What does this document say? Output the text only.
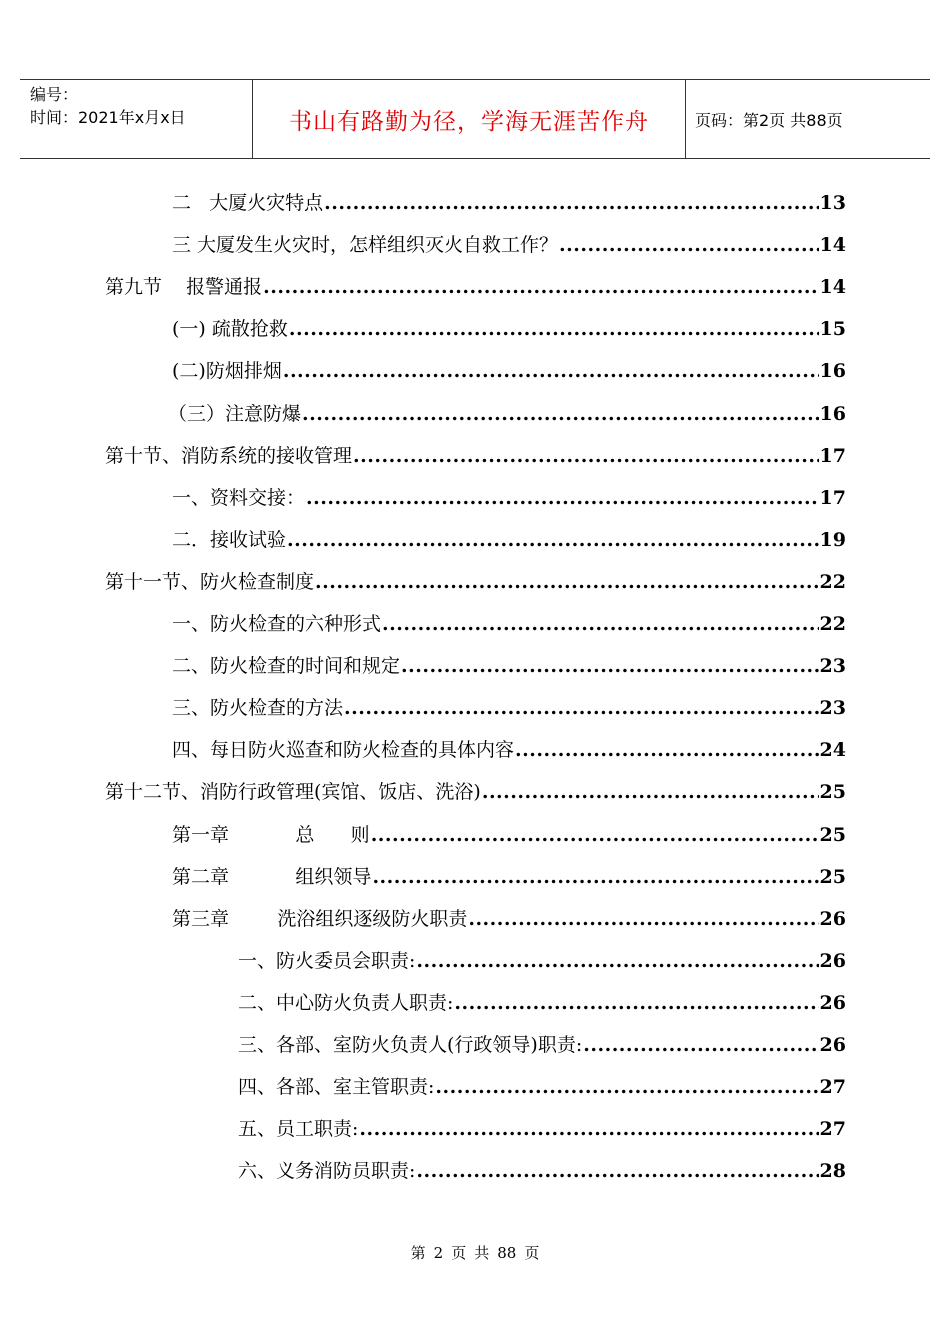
编号：
时间：2021年x月x日	书山有路勤为径，学海无涯苦作舟	页码：第2页 共88页
二   大厦火灾特点 .....	13
三 大厦发生火灾时，怎样组织灭火自救工作？ .....	14
第九节    报警通报 .....	14
(一) 疏散抢救 .....	15
(二)防烟排烟 .....	16
（三）注意防爆 .....	16
第十节、消防系统的接收管理 .....	17
一、资料交接： .....	17
二．接收试验 .....	19
第十一节、防火检查制度 .....	22
一、防火检查的六种形式 .....	22
二、防火检查的时间和规定 .....	23
三、防火检查的方法 .....	23
四、每日防火巡查和防火检查的具体内容 .....	24
第十二节、消防行政管理(宾馆、饭店、洗浴) .....	25
第一章           总      则 .....	25
第二章           组织领导 .....	25
第三章        洗浴组织逐级防火职责 .....	26
一、防火委员会职责: .....	26
二、中心防火负责人职责: .....	26
三、各部、室防火负责人(行政领导)职责: .....	26
四、各部、室主管职责: .....	27
五、员工职责: .....	27
六、义务消防员职责: .....	28
第 2 页 共 88 页
